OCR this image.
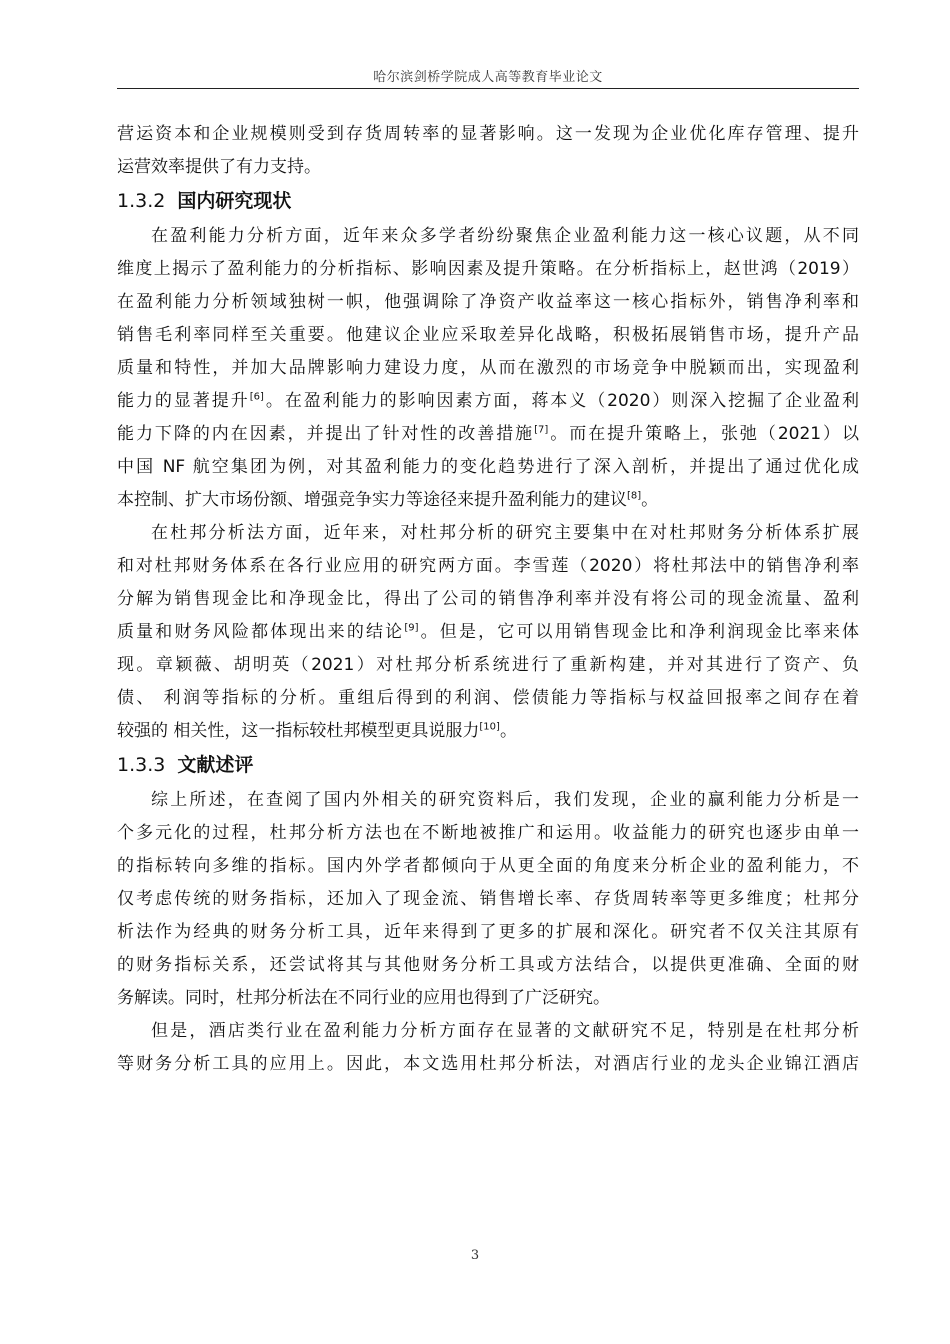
哈尔滨剑桥学院成人高等教育毕业论文
营运资本和企业规模则受到存货周转率的显著影响。这一发现为企业优化库存管理、提升
运营效率提供了有力支持。
1.3.2 国内研究现状
在盈利能力分析方面，近年来众多学者纷纷聚焦企业盈利能力这一核心议题，从不同
维度上揭示了盈利能力的分析指标、影响因素及提升策略。在分析指标上，赵世鸿（2019）
在盈利能力分析领域独树一帜，他强调除了净资产收益率这一核心指标外，销售净利率和
销售毛利率同样至关重要。他建议企业应采取差异化战略，积极拓展销售市场，提升产品
质量和特性，并加大品牌影响力建设力度，从而在激烈的市场竞争中脱颖而出，实现盈利
能力的显著提升[6]。在盈利能力的影响因素方面，蒋本义（2020）则深入挖掘了企业盈利
能力下降的内在因素，并提出了针对性的改善措施[7]。而在提升策略上，张弛（2021）以
中国 NF 航空集团为例，对其盈利能力的变化趋势进行了深入剖析，并提出了通过优化成
本控制、扩大市场份额、增强竞争实力等途径来提升盈利能力的建议[8]。
在杜邦分析法方面，近年来，对杜邦分析的研究主要集中在对杜邦财务分析体系扩展
和对杜邦财务体系在各行业应用的研究两方面。李雪莲（2020）将杜邦法中的销售净利率
分解为销售现金比和净现金比，得出了公司的销售净利率并没有将公司的现金流量、盈利
质量和财务风险都体现出来的结论[9]。但是，它可以用销售现金比和净利润现金比率来体
现。章颖薇、胡明英（2021）对杜邦分析系统进行了重新构建，并对其进行了资产、负
债、 利润等指标的分析。重组后得到的利润、偿债能力等指标与权益回报率之间存在着
较强的 相关性，这一指标较杜邦模型更具说服力[10]。
1.3.3 文献述评
综上所述，在查阅了国内外相关的研究资料后，我们发现，企业的赢利能力分析是一
个多元化的过程，杜邦分析方法也在不断地被推广和运用。收益能力的研究也逐步由单一
的指标转向多维的指标。国内外学者都倾向于从更全面的角度来分析企业的盈利能力，不
仅考虑传统的财务指标，还加入了现金流、销售增长率、存货周转率等更多维度；杜邦分
析法作为经典的财务分析工具，近年来得到了更多的扩展和深化。研究者不仅关注其原有
的财务指标关系，还尝试将其与其他财务分析工具或方法结合，以提供更准确、全面的财
务解读。同时，杜邦分析法在不同行业的应用也得到了广泛研究。
但是，酒店类行业在盈利能力分析方面存在显著的文献研究不足，特别是在杜邦分析
等财务分析工具的应用上。因此，本文选用杜邦分析法，对酒店行业的龙头企业锦江酒店
3
